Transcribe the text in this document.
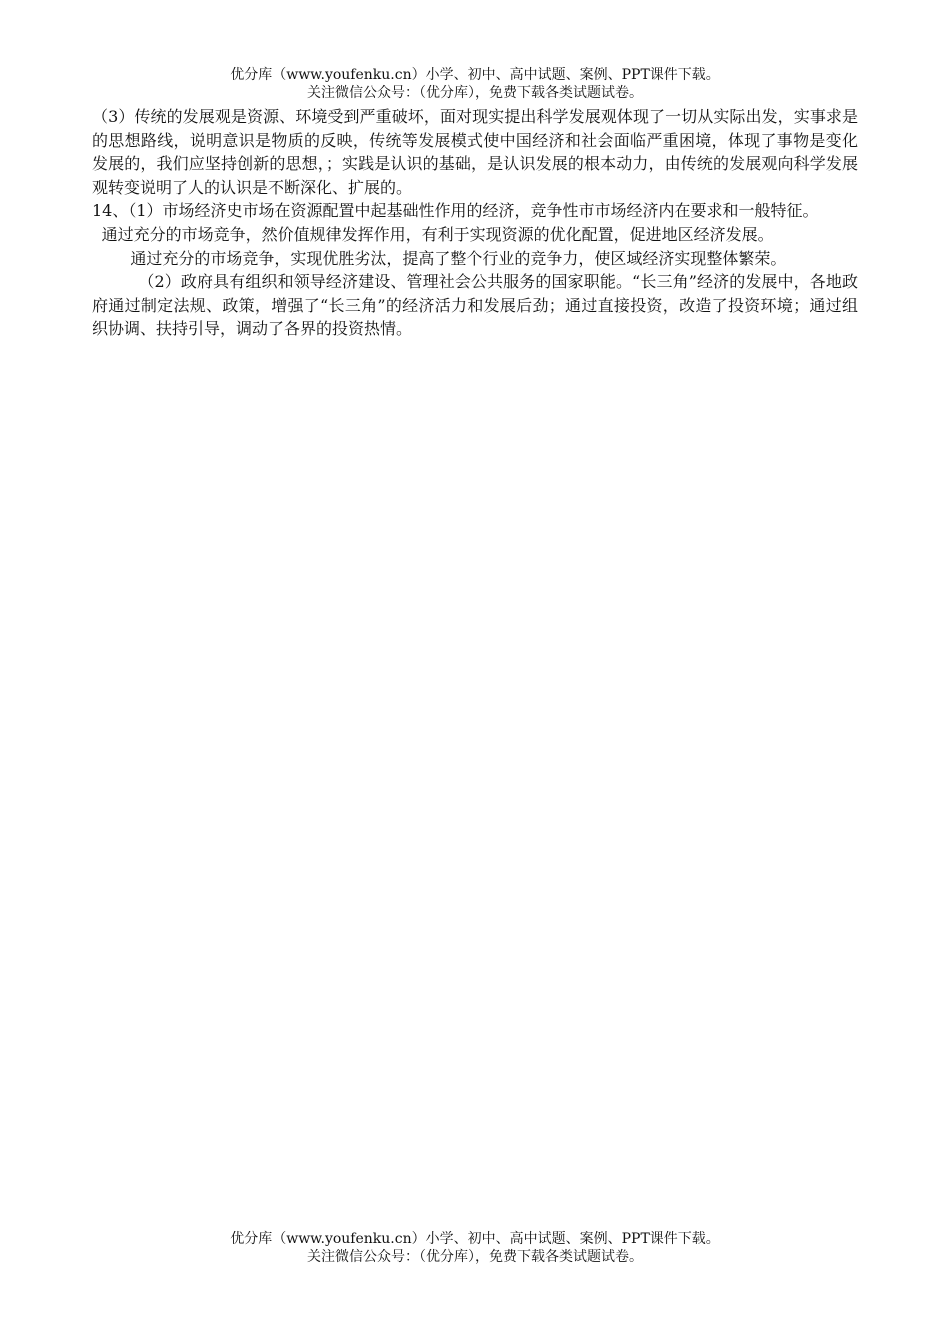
优分库（www.youfenku.cn）小学、初中、高中试题、案例、PPT课件下载。
关注微信公众号：（优分库），免费下载各类试题试卷。

（3）传统的发展观是资源、环境受到严重破坏，面对现实提出科学发展观体现了一切从实际出发，实事求是的思想路线，说明意识是物质的反映，传统等发展模式使中国经济和社会面临严重困境，体现了事物是变化发展的，我们应坚持创新的思想，；实践是认识的基础，是认识发展的根本动力，由传统的发展观向科学发展观转变说明了人的认识是不断深化、扩展的。

14、（1）市场经济史市场在资源配置中起基础性作用的经济，竞争性市市场经济内在要求和一般特征。

通过充分的市场竞争，然价值规律发挥作用，有利于实现资源的优化配置，促进地区经济发展。

通过充分的市场竞争，实现优胜劣汰，提高了整个行业的竞争力，使区域经济实现整体繁荣。

（2）政府具有组织和领导经济建设、管理社会公共服务的国家职能。“长三角”经济的发展中，各地政府通过制定法规、政策，增强了“长三角”的经济活力和发展后劲；通过直接投资，改造了投资环境；通过组织协调、扶持引导，调动了各界的投资热情。

优分库（www.youfenku.cn）小学、初中、高中试题、案例、PPT课件下载。
关注微信公众号：（优分库），免费下载各类试题试卷。
